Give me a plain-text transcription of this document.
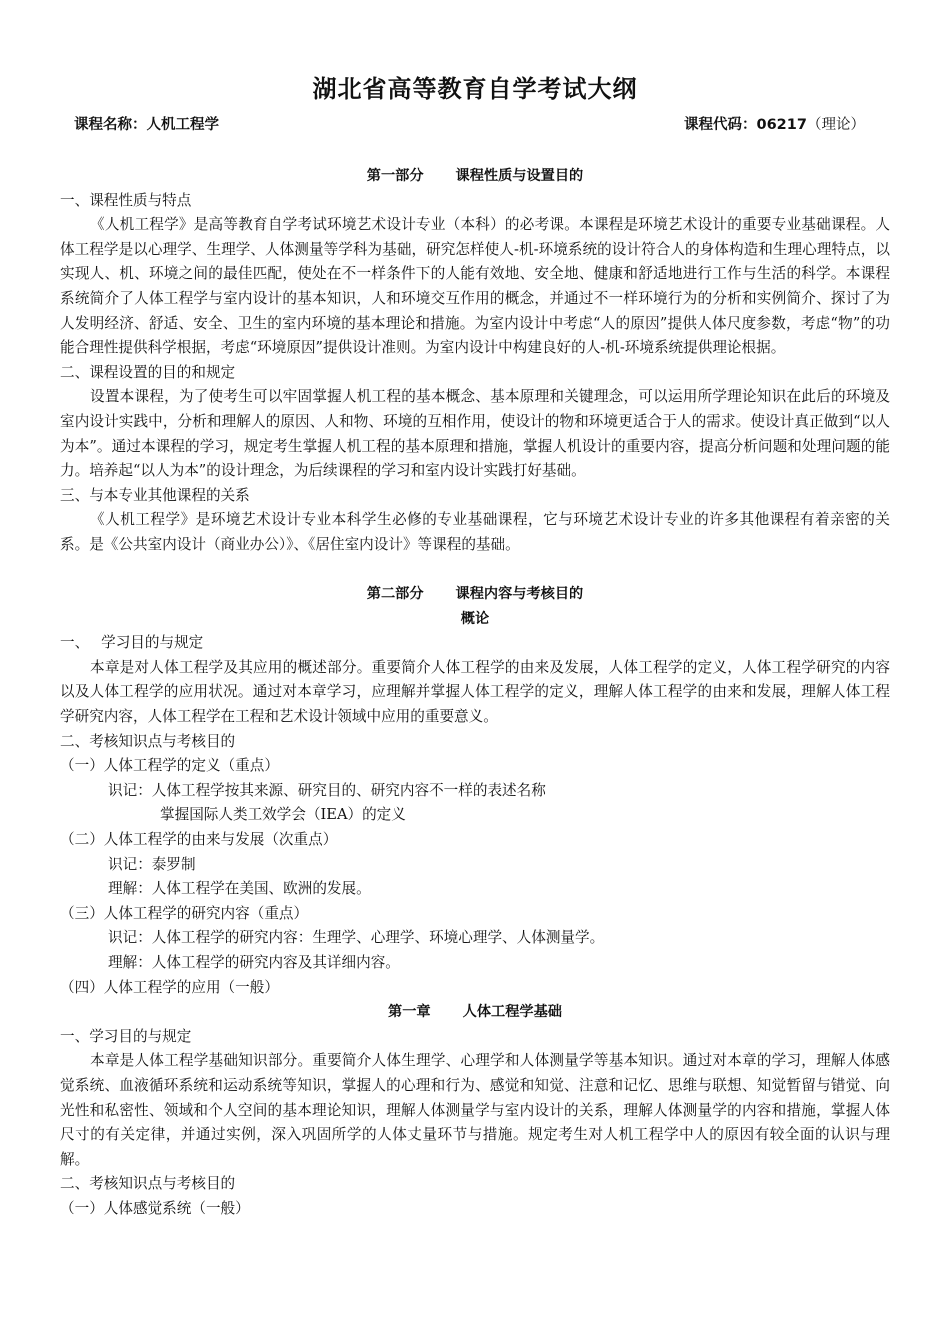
湖北省高等教育自学考试大纲
课程名称：人机工程学	课程代码：06217（理论）
第一部分 课程性质与设置目的
一、课程性质与特点
《人机工程学》是高等教育自学考试环境艺术设计专业（本科）的必考课。本课程是环境艺术设计的重要专业基础课程。人体工程学是以心理学、生理学、人体测量等学科为基础，研究怎样使人-机-环境系统的设计符合人的身体构造和生理心理特点，以实现人、机、环境之间的最佳匹配，使处在不一样条件下的人能有效地、安全地、健康和舒适地进行工作与生活的科学。本课程系统简介了人体工程学与室内设计的基本知识，人和环境交互作用的概念，并通过不一样环境行为的分析和实例简介、探讨了为人发明经济、舒适、安全、卫生的室内环境的基本理论和措施。为室内设计中考虑“人的原因”提供人体尺度参数，考虑“物”的功能合理性提供科学根据，考虑“环境原因”提供设计准则。为室内设计中构建良好的人-机-环境系统提供理论根据。
二、课程设置的目的和规定
设置本课程，为了使考生可以牢固掌握人机工程的基本概念、基本原理和关键理念，可以运用所学理论知识在此后的环境及室内设计实践中，分析和理解人的原因、人和物、环境的互相作用，使设计的物和环境更适合于人的需求。使设计真正做到“以人为本”。通过本课程的学习，规定考生掌握人机工程的基本原理和措施，掌握人机设计的重要内容，提高分析问题和处理问题的能力。培养起“以人为本”的设计理念，为后续课程的学习和室内设计实践打好基础。
三、与本专业其他课程的关系
《人机工程学》是环境艺术设计专业本科学生必修的专业基础课程，它与环境艺术设计专业的许多其他课程有着亲密的关系。是《公共室内设计（商业办公）》、《居住室内设计》等课程的基础。
第二部分 课程内容与考核目的
概论
一、　 学习目的与规定
本章是对人体工程学及其应用的概述部分。重要简介人体工程学的由来及发展，人体工程学的定义，人体工程学研究的内容以及人体工程学的应用状况。通过对本章学习，应理解并掌握人体工程学的定义，理解人体工程学的由来和发展，理解人体工程学研究内容，人体工程学在工程和艺术设计领域中应用的重要意义。
二、考核知识点与考核目的
（一）人体工程学的定义（重点）
识记：人体工程学按其来源、研究目的、研究内容不一样的表述名称
掌握国际人类工效学会（IEA）的定义
（二）人体工程学的由来与发展（次重点）
识记：泰罗制
理解：人体工程学在美国、欧洲的发展。
（三）人体工程学的研究内容（重点）
识记：人体工程学的研究内容：生理学、心理学、环境心理学、人体测量学。
理解：人体工程学的研究内容及其详细内容。
（四）人体工程学的应用（一般）
第一章 人体工程学基础
一、学习目的与规定
本章是人体工程学基础知识部分。重要简介人体生理学、心理学和人体测量学等基本知识。通过对本章的学习，理解人体感觉系统、血液循环系统和运动系统等知识，掌握人的心理和行为、感觉和知觉、注意和记忆、思维与联想、知觉暂留与错觉、向光性和私密性、领域和个人空间的基本理论知识，理解人体测量学与室内设计的关系，理解人体测量学的内容和措施，掌握人体尺寸的有关定律，并通过实例，深入巩固所学的人体丈量环节与措施。规定考生对人机工程学中人的原因有较全面的认识与理解。
二、考核知识点与考核目的
（一）人体感觉系统（一般）
